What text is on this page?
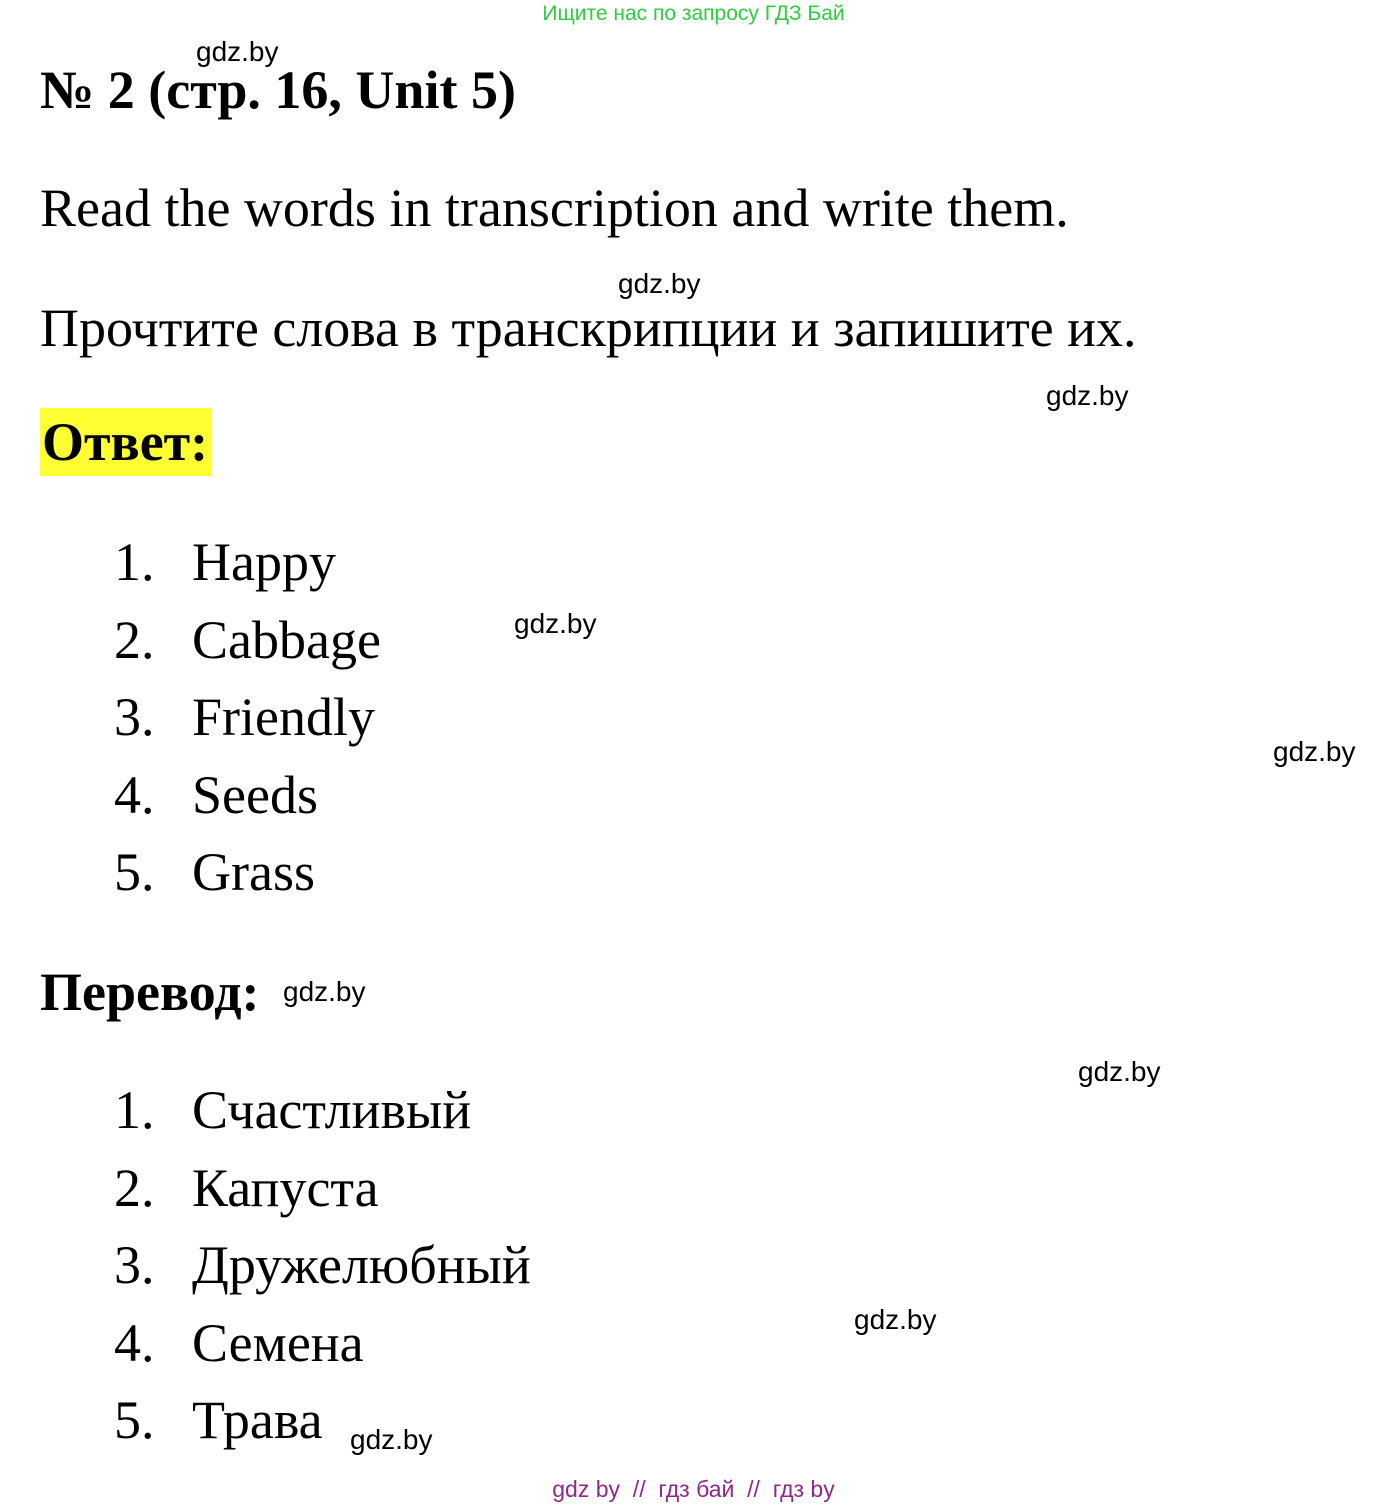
Ищите нас по запросу ГДЗ Бай
gdz.by
№ 2 (стр. 16, Unit 5)
Read the words in transcription and write them.
gdz.by
Прочтите слова в транскрипции и запишите их.
gdz.by
Ответ:
1. Happy
2. Cabbage
3. Friendly
4. Seeds
5. Grass
gdz.by
gdz.by
Перевод: gdz.by
gdz.by
1. Счастливый
2. Капуста
3. Дружелюбный
4. Семена
5. Трава
gdz.by
gdz.by
gdz by  //  гдз бай  //  гдз by
